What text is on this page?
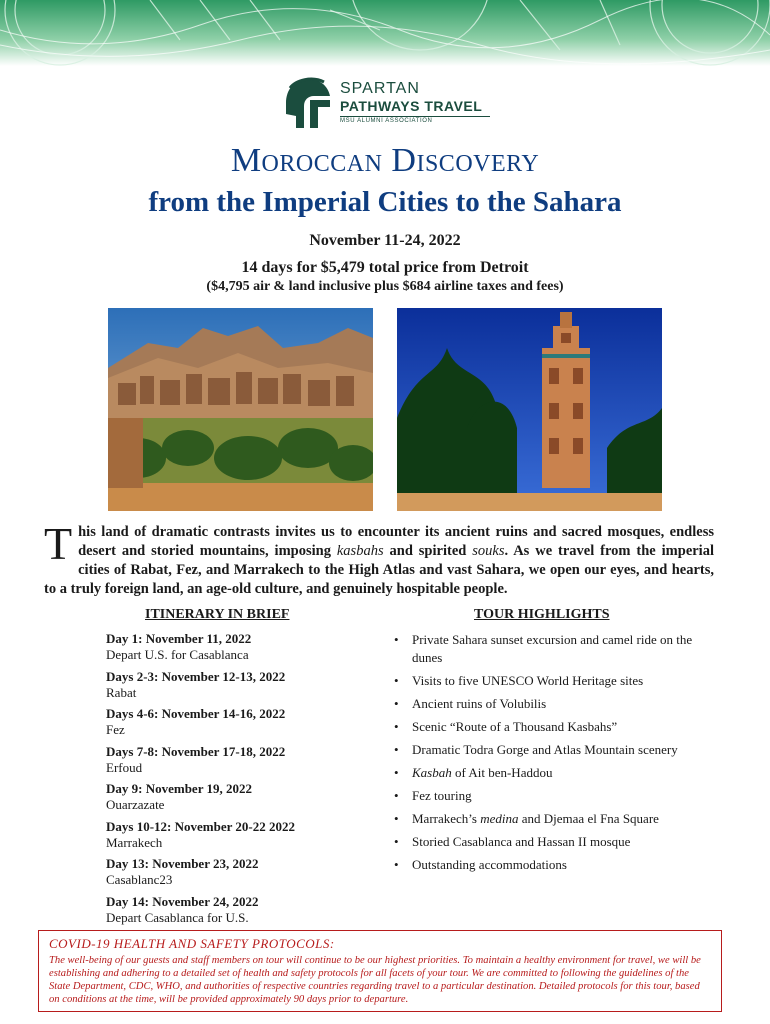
SPARTAN
PATHWAYS TRAVEL
MSU ALUMNI ASSOCIATION
Moroccan Discovery
from the Imperial Cities to the Sahara
November 11-24, 2022
14 days for $5,479 total price from Detroit
($4,795 air & land inclusive plus $684 airline taxes and fees)
This land of dramatic contrasts invites us to encounter its ancient ruins and sacred mosques, endless desert and storied mountains, imposing kasbahs and spirited souks. As we travel from the imperial cities of Rabat, Fez, and Marrakech to the High Atlas and vast Sahara, we open our eyes, and hearts, to a truly foreign land, an age-old culture, and genuinely hospitable people.
ITINERARY IN BRIEF	TOUR HIGHLIGHTS
Day 1: November 11, 2022
Depart U.S. for Casablanca
Days 2-3: November 12-13, 2022
Rabat
Days 4-6: November 14-16, 2022
Fez
Days 7-8: November 17-18, 2022
Erfoud
Day 9: November 19, 2022
Ouarzazate
Days 10-12: November 20-22 2022
Marrakech
Day 13: November 23, 2022
Casablanc23
Day 14: November 24, 2022
Depart Casablanca for U.S.
• Private Sahara sunset excursion and camel ride on the dunes
• Visits to five UNESCO World Heritage sites
• Ancient ruins of Volubilis
• Scenic “Route of a Thousand Kasbahs”
• Dramatic Todra Gorge and Atlas Mountain scenery
• Kasbah of Ait ben-Haddou
• Fez touring
• Marrakech’s medina and Djemaa el Fna Square
• Storied Casablanca and Hassan II mosque
• Outstanding accommodations
COVID-19 HEALTH AND SAFETY PROTOCOLS:
The well-being of our guests and staff members on tour will continue to be our highest priorities. To maintain a healthy environment for travel, we will be establishing and adhering to a detailed set of health and safety protocols for all facets of your tour. We are committed to following the guidelines of the State Department, CDC, WHO, and authorities of respective countries regarding travel to a particular destination. Detailed protocols for this tour, based on conditions at the time, will be provided approximately 90 days prior to departure.
